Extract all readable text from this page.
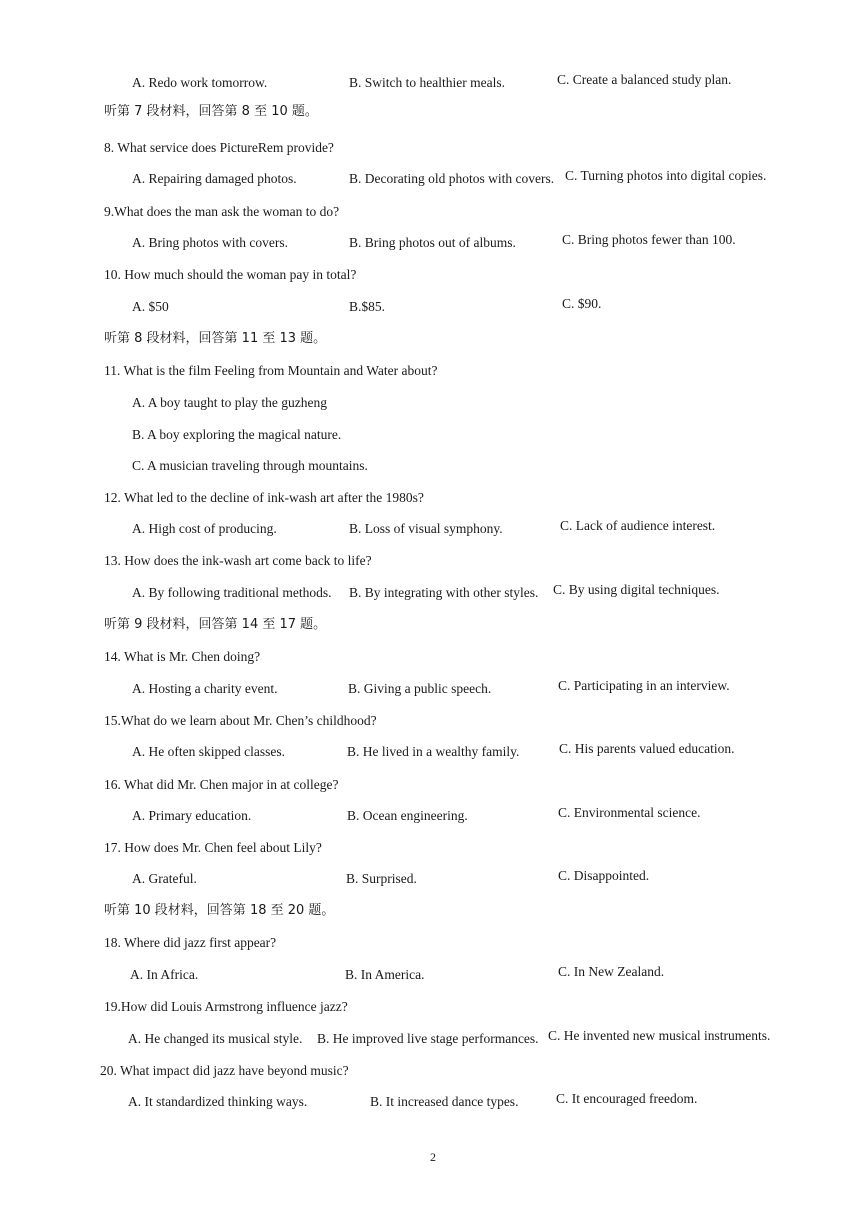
A. Redo work tomorrow.	B. Switch to healthier meals.	C. Create a balanced study plan.
听第 7 段材料，回答第 8 至 10 题。
8. What service does PictureRem provide?
A. Repairing damaged photos.	B. Decorating old photos with covers. C. Turning photos into digital copies.
9.What does the man ask the woman to do?
A. Bring photos with covers.	B. Bring photos out of albums.	C. Bring photos fewer than 100.
10. How much should the woman pay in total?
A. $50	B.$85.	C. $90.
听第 8 段材料，回答第 11 至 13 题。
11. What is the film Feeling from Mountain and Water about?
A. A boy taught to play the guzheng
B. A boy exploring the magical nature.
C. A musician traveling through mountains.
12. What led to the decline of ink-wash art after the 1980s?
A. High cost of producing.	B. Loss of visual symphony.	C. Lack of audience interest.
13. How does the ink-wash art come back to life?
A. By following traditional methods. B. By integrating with other styles. C. By using digital techniques.
听第 9 段材料，回答第 14 至 17 题。
14. What is Mr. Chen doing?
A. Hosting a charity event.	B. Giving a public speech.	C. Participating in an interview.
15.What do we learn about Mr. Chen’s childhood?
A. He often skipped classes.	B. He lived in a wealthy family.	C. His parents valued education.
16. What did Mr. Chen major in at college?
A. Primary education.	B. Ocean engineering.	C. Environmental science.
17. How does Mr. Chen feel about Lily?
A. Grateful.	B. Surprised.	C. Disappointed.
听第 10 段材料，回答第 18 至 20 题。
18. Where did jazz first appear?
A. In Africa.	B. In America.	C. In New Zealand.
19.How did Louis Armstrong influence jazz?
A. He changed its musical style. B. He improved live stage performances. C. He invented new musical instruments.
20. What impact did jazz have beyond music?
A. It standardized thinking ways.	B. It increased dance types.	C. It encouraged freedom.
2
